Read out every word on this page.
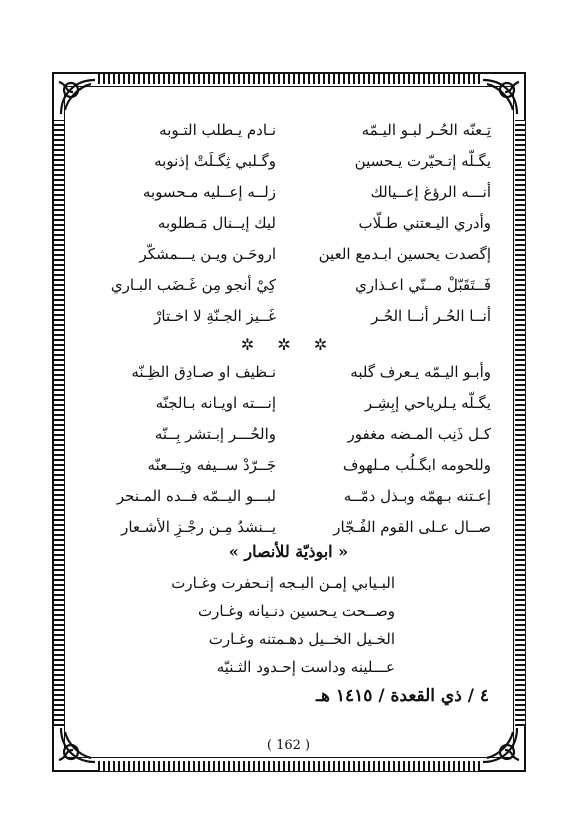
تِـعنّه الحُـر لبـو اليـمّه
نـادم يـطلب التـوبه
يگـلّه إتـحيّرت يـحسين
وگـلبي ثِگـلَتْ إذنوبه
أنـــه الرؤغ إعــيالك
زلــه إعــليه مـحسوبه
وأدري اليـعتني طـلّاب
ليك إيــنال مَـطلوبه
إگصدت يحسين ابـدمع العين
اروحَـن ويـن يـــمشكّر
فَــتَقَبّلْ مــنّي اعـذاري
كِيْ أنجو مِن غَـضَب البـاري
أنــا الحُـر أنــا الحُـر
غَــيز الجـنّةِ لا اخـتارْ
✲ ✲ ✲
وأبـو اليـمّه يـعرف گلبه
نـظيف او صـادِق الظِـنّه
يگـلّه يـلرياحي إبِشِـر
إنـــته اويـانه بـالجنّه
كـل ذَنِب المـضه مغفور
والحُـــر إبـتشر بِــنّه
وللحومه ابگـلُب مـلهوف
جَــرّدْ ســيفه وتِـــعنّه
إعـتنه بـهمّه وبـذل دمّــه
لبـــو اليــمّه فــده المـنحر
صــال عـلى القوم الفُـجّار
يــنشدُ مِـن رجْـزِ الأشـعار
« ابوذيّة للأنصار »
البـيابي إمـن البـجه إنـحفرت وغـارت
وصــحت يـحسين دنـيانه وغـارت
الخـيل الخــيل دهـمتنه وغـارت
عـــلينه وداست إحـدود الثـنيّه
٤ / ذي القعدة / ١٤١٥ هـ
( 162 )
